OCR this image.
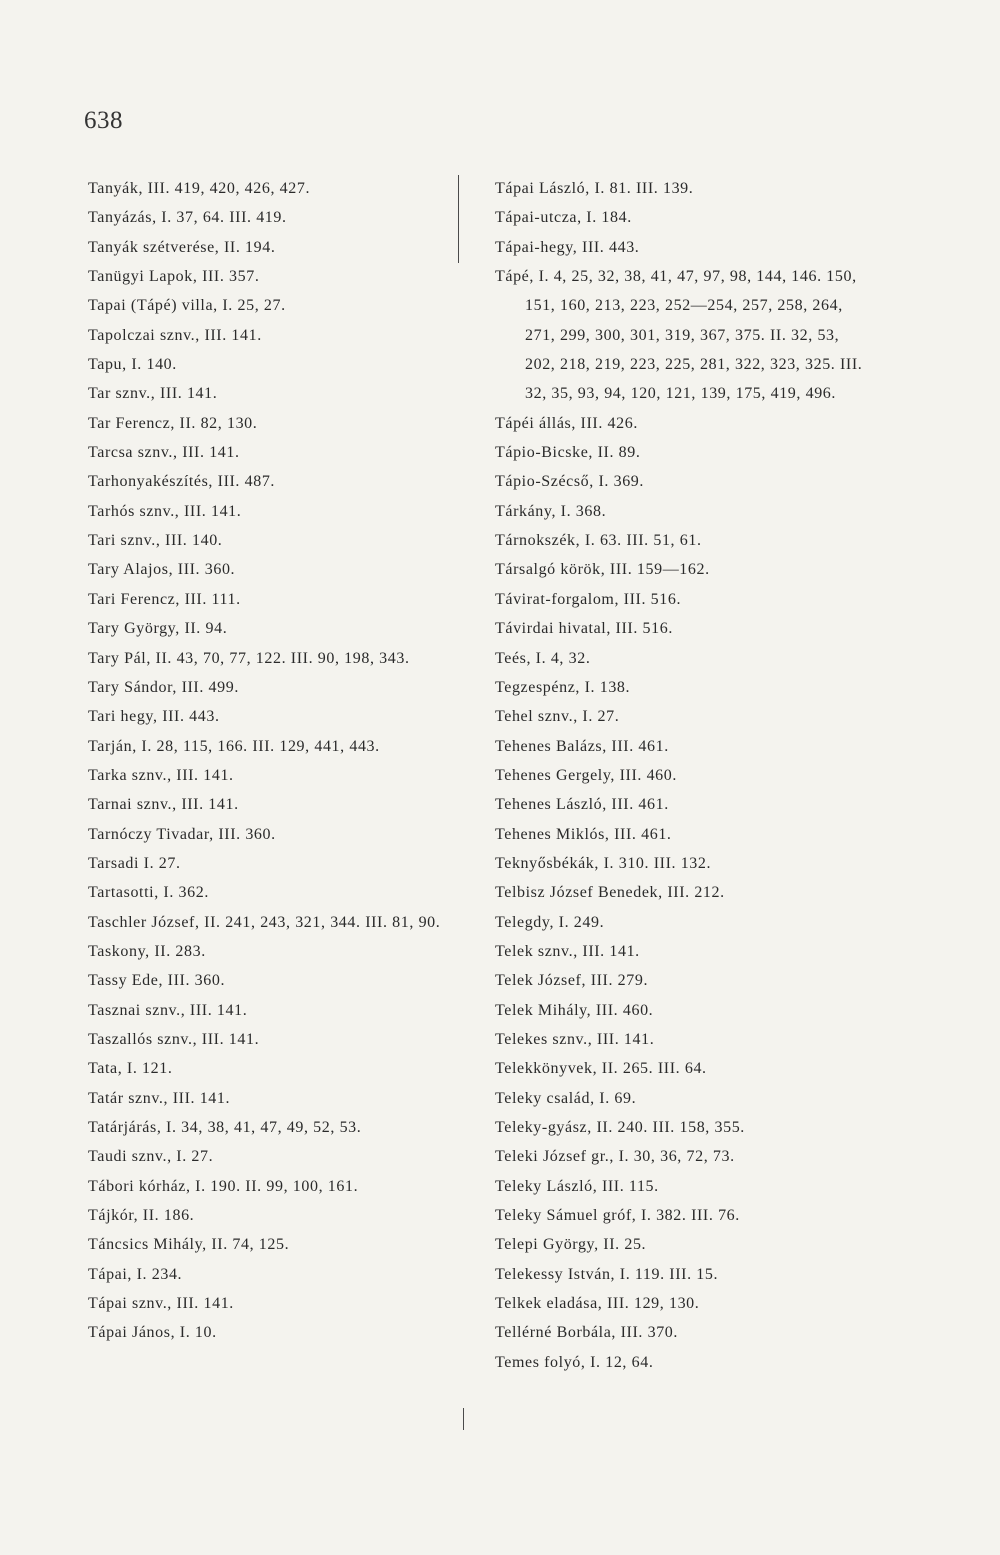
638
Tanyák, III. 419, 420, 426, 427.
Tanyázás, I. 37, 64. III. 419.
Tanyák szétverése, II. 194.
Tanügyi Lapok, III. 357.
Tapai (Tápé) villa, I. 25, 27.
Tapolczai sznv., III. 141.
Tapu, I. 140.
Tar sznv., III. 141.
Tar Ferencz, II. 82, 130.
Tarcsa sznv., III. 141.
Tarhonyakészítés, III. 487.
Tarhós sznv., III. 141.
Tari sznv., III. 140.
Tary Alajos, III. 360.
Tari Ferencz, III. 111.
Tary György, II. 94.
Tary Pál, II. 43, 70, 77, 122. III. 90, 198, 343.
Tary Sándor, III. 499.
Tari hegy, III. 443.
Tarján, I. 28, 115, 166. III. 129, 441, 443.
Tarka sznv., III. 141.
Tarnai sznv., III. 141.
Tarnóczy Tivadar, III. 360.
Tarsadi I. 27.
Tartasotti, I. 362.
Taschler József, II. 241, 243, 321, 344. III. 81, 90.
Taskony, II. 283.
Tassy Ede, III. 360.
Tasznai sznv., III. 141.
Taszallós sznv., III. 141.
Tata, I. 121.
Tatár sznv., III. 141.
Tatárjárás, I. 34, 38, 41, 47, 49, 52, 53.
Taudi sznv., I. 27.
Tábori kórház, I. 190. II. 99, 100, 161.
Tájkór, II. 186.
Táncsics Mihály, II. 74, 125.
Tápai, I. 234.
Tápai sznv., III. 141.
Tápai János, I. 10.
Tápai László, I. 81. III. 139.
Tápai-utcza, I. 184.
Tápai-hegy, III. 443.
Tápé, I. 4, 25, 32, 38, 41, 47, 97, 98, 144, 146. 150, 151, 160, 213, 223, 252—254, 257, 258, 264, 271, 299, 300, 301, 319, 367, 375. II. 32, 53, 202, 218, 219, 223, 225, 281, 322, 323, 325. III. 32, 35, 93, 94, 120, 121, 139, 175, 419, 496.
Tápéi állás, III. 426.
Tápio-Bicske, II. 89.
Tápio-Szécső, I. 369.
Tárkány, I. 368.
Tárnokszék, I. 63. III. 51, 61.
Társalgó körök, III. 159—162.
Távirat-forgalom, III. 516.
Távirdai hivatal, III. 516.
Teés, I. 4, 32.
Tegzespénz, I. 138.
Tehel sznv., I. 27.
Tehenes Balázs, III. 461.
Tehenes Gergely, III. 460.
Tehenes László, III. 461.
Tehenes Miklós, III. 461.
Teknyősbékák, I. 310. III. 132.
Telbisz József Benedek, III. 212.
Telegdy, I. 249.
Telek sznv., III. 141.
Telek József, III. 279.
Telek Mihály, III. 460.
Telekes sznv., III. 141.
Telekkönyvek, II. 265. III. 64.
Teleky család, I. 69.
Teleky-gyász, II. 240. III. 158, 355.
Teleki József gr., I. 30, 36, 72, 73.
Teleky László, III. 115.
Teleky Sámuel gróf, I. 382. III. 76.
Telepi György, II. 25.
Telekessy István, I. 119. III. 15.
Telkek eladása, III. 129, 130.
Tellérné Borbála, III. 370.
Temes folyó, I. 12, 64.
